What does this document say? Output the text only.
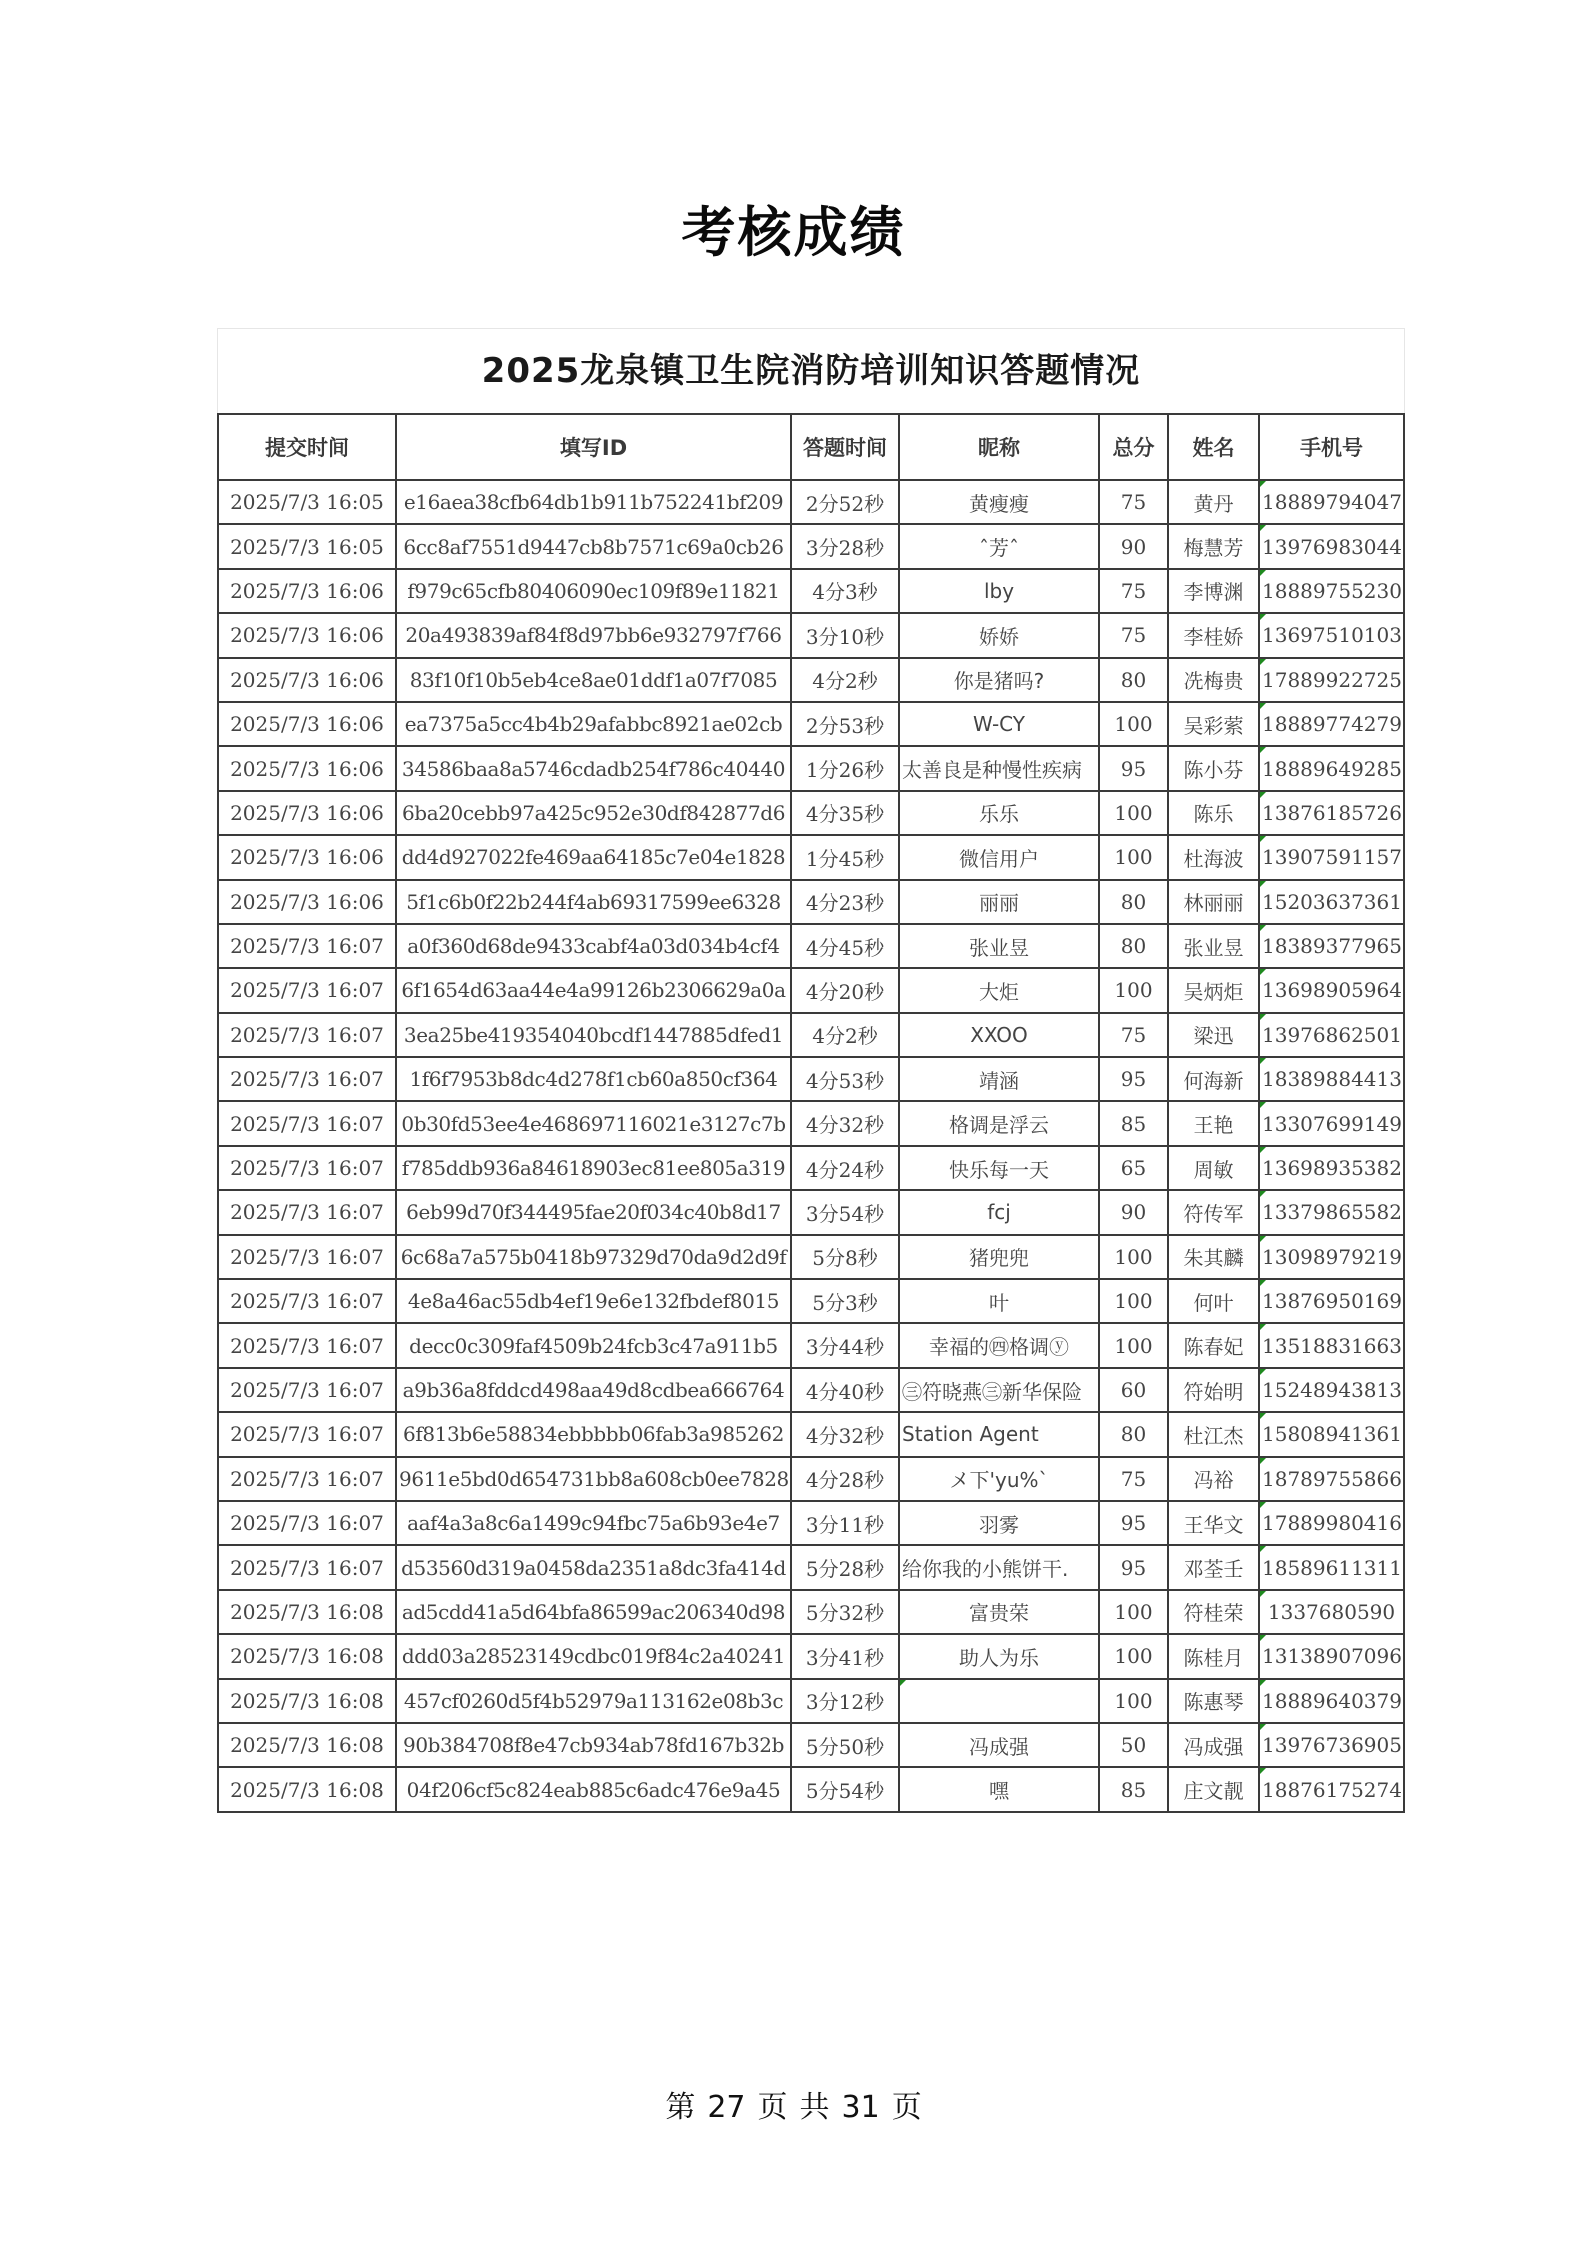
考核成绩
2025龙泉镇卫生院消防培训知识答题情况
提交时间	填写ID	答题时间	昵称	总分	姓名	手机号
2025/7/3 16:05	e16aea38cfb64db1b911b752241bf209	2分52秒	黄瘦瘦	75	黄丹	18889794047
2025/7/3 16:05	6cc8af7551d9447cb8b7571c69a0cb26	3分28秒	ˆ芳ˆ	90	梅慧芳	13976983044
2025/7/3 16:06	f979c65cfb80406090ec109f89e11821	4分3秒	lby	75	李博渊	18889755230
2025/7/3 16:06	20a493839af84f8d97bb6e932797f766	3分10秒	娇娇	75	李桂娇	13697510103
2025/7/3 16:06	83f10f10b5eb4ce8ae01ddf1a07f7085	4分2秒	你是猪吗?	80	冼梅贵	17889922725
2025/7/3 16:06	ea7375a5cc4b4b29afabbc8921ae02cb	2分53秒	W-CY	100	吴彩萦	18889774279
2025/7/3 16:06	34586baa8a5746cdadb254f786c40440	1分26秒	太善良是种慢性疾病	95	陈小芬	18889649285
2025/7/3 16:06	6ba20cebb97a425c952e30df842877d6	4分35秒	乐乐	100	陈乐	13876185726
2025/7/3 16:06	dd4d927022fe469aa64185c7e04e1828	1分45秒	微信用户	100	杜海波	13907591157
2025/7/3 16:06	5f1c6b0f22b244f4ab69317599ee6328	4分23秒	丽丽	80	林丽丽	15203637361
2025/7/3 16:07	a0f360d68de9433cabf4a03d034b4cf4	4分45秒	张业昱	80	张业昱	18389377965
2025/7/3 16:07	6f1654d63aa44e4a99126b2306629a0a	4分20秒	大炬	100	吴炳炬	13698905964
2025/7/3 16:07	3ea25be419354040bcdf1447885dfed1	4分2秒	XXOO	75	梁迅	13976862501
2025/7/3 16:07	1f6f7953b8dc4d278f1cb60a850cf364	4分53秒	靖涵	95	何海新	18389884413
2025/7/3 16:07	0b30fd53ee4e468697116021e3127c7b	4分32秒	格调是浮云	85	王艳	13307699149
2025/7/3 16:07	f785ddb936a84618903ec81ee805a319	4分24秒	快乐每一天	65	周敏	13698935382
2025/7/3 16:07	6eb99d70f344495fae20f034c40b8d17	3分54秒	fcj	90	符传军	13379865582
2025/7/3 16:07	6c68a7a575b0418b97329d70da9d2d9f	5分8秒	猪兜兜	100	朱其麟	13098979219
2025/7/3 16:07	4e8a46ac55db4ef19e6e132fbdef8015	5分3秒	叶	100	何叶	13876950169
2025/7/3 16:07	decc0c309faf4509b24fcb3c47a911b5	3分44秒	幸福的㊃格调ⓨ	100	陈春妃	13518831663
2025/7/3 16:07	a9b36a8fddcd498aa49d8cdbea666764	4分40秒	㊂符晓燕㊂新华保险	60	符始明	15248943813
2025/7/3 16:07	6f813b6e58834ebbbbb06fab3a985262	4分32秒	Station Agent	80	杜江杰	15808941361
2025/7/3 16:07	9611e5bd0d654731bb8a608cb0ee7828	4分28秒	メ下'yu%`	75	冯裕	18789755866
2025/7/3 16:07	aaf4a3a8c6a1499c94fbc75a6b93e4e7	3分11秒	羽雾	95	王华文	17889980416
2025/7/3 16:07	d53560d319a0458da2351a8dc3fa414d	5分28秒	给你我的小熊饼干.	95	邓荃壬	18589611311
2025/7/3 16:08	ad5cdd41a5d64bfa86599ac206340d98	5分32秒	富贵荣	100	符桂荣	1337680590
2025/7/3 16:08	ddd03a28523149cdbc019f84c2a40241	3分41秒	助人为乐	100	陈桂月	13138907096
2025/7/3 16:08	457cf0260d5f4b52979a113162e08b3c	3分12秒		100	陈惠琴	18889640379
2025/7/3 16:08	90b384708f8e47cb934ab78fd167b32b	5分50秒	冯成强	50	冯成强	13976736905
2025/7/3 16:08	04f206cf5c824eab885c6adc476e9a45	5分54秒	嘿	85	庄文靓	18876175274
第 27 页 共 31 页
